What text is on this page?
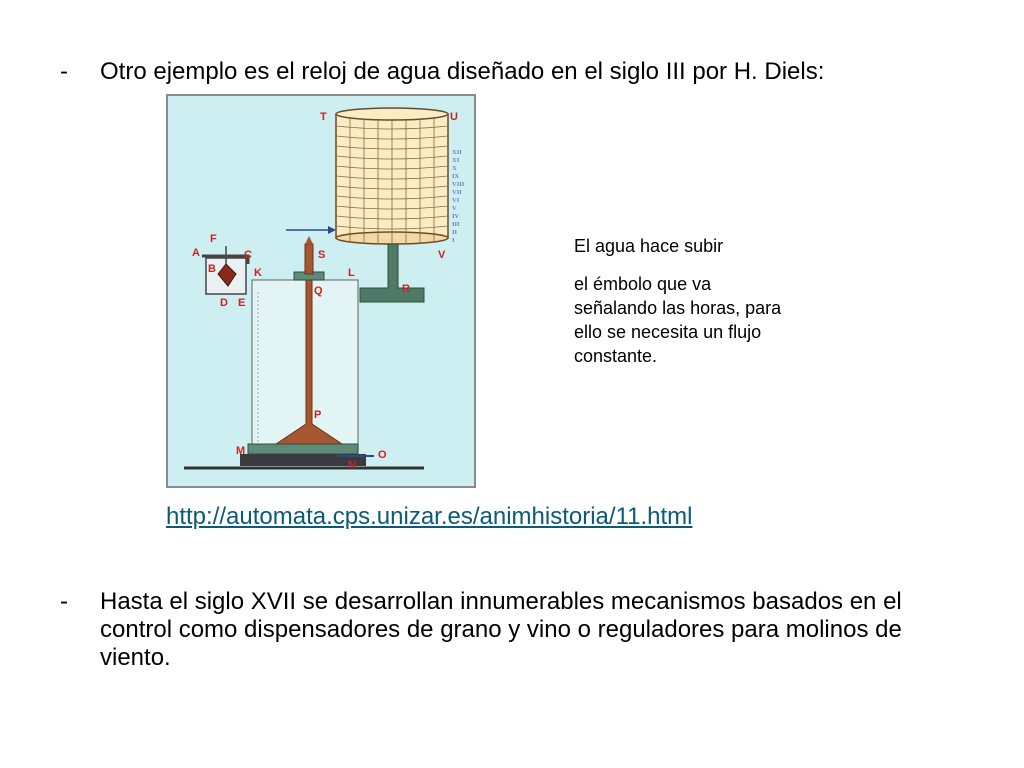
- Otro ejemplo es el reloj de agua diseñado en el siglo III por H. Diels:
T	U
V
R
S
L
Q
P
F
A
B
C
K
D E
M
N
O
XII
XI
X
IX
VIII
VII
VI
V
IV
III
II
I	El agua hace subir
el émbolo que va señalando las horas, para ello se necesita un flujo constante.
http://automata.cps.unizar.es/animhistoria/11.html
- Hasta el siglo XVII se desarrollan innumerables mecanismos basados en el control como dispensadores de grano y vino o reguladores para molinos de viento.
